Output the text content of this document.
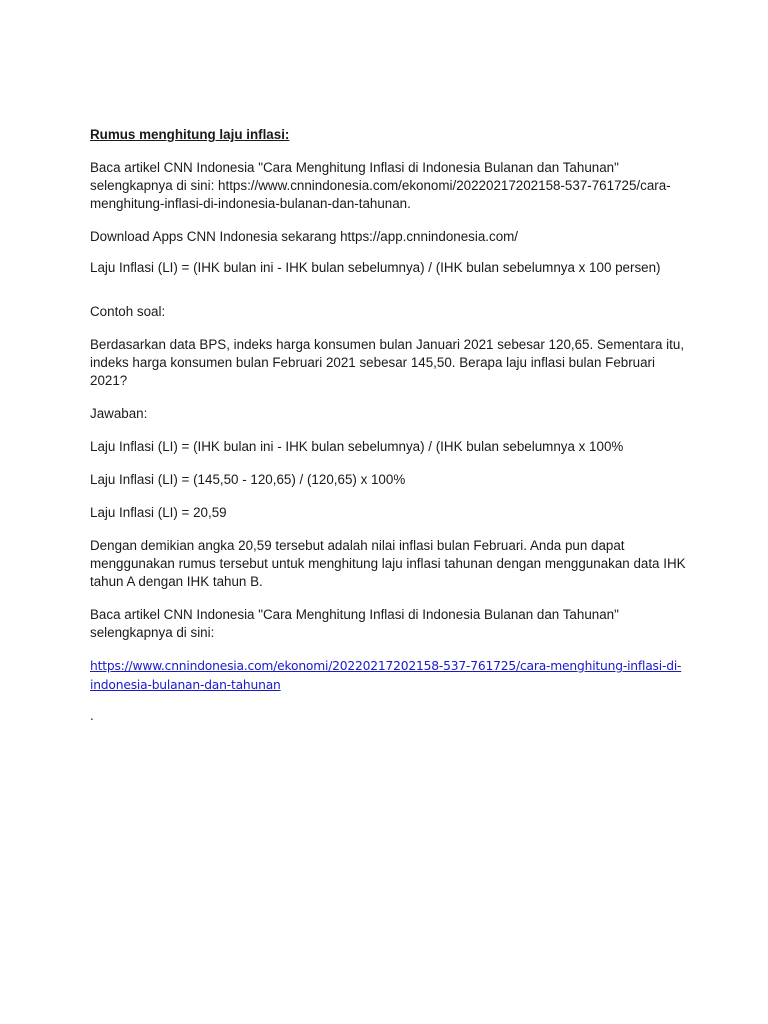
Rumus menghitung laju inflasi:
Baca artikel CNN Indonesia "Cara Menghitung Inflasi di Indonesia Bulanan dan Tahunan" selengkapnya di sini: https://www.cnnindonesia.com/ekonomi/20220217202158-537-761725/cara-menghitung-inflasi-di-indonesia-bulanan-dan-tahunan.
Download Apps CNN Indonesia sekarang https://app.cnnindonesia.com/
Laju Inflasi (LI) = (IHK bulan ini - IHK bulan sebelumnya) / (IHK bulan sebelumnya x 100 persen)
Contoh soal:
Berdasarkan data BPS, indeks harga konsumen bulan Januari 2021 sebesar 120,65. Sementara itu, indeks harga konsumen bulan Februari 2021 sebesar 145,50. Berapa laju inflasi bulan Februari 2021?
Jawaban:
Laju Inflasi (LI) = (IHK bulan ini - IHK bulan sebelumnya) / (IHK bulan sebelumnya x 100%
Laju Inflasi (LI) = (145,50 - 120,65) / (120,65) x 100%
Laju Inflasi (LI) = 20,59
Dengan demikian angka 20,59 tersebut adalah nilai inflasi bulan Februari. Anda pun dapat menggunakan rumus tersebut untuk menghitung laju inflasi tahunan dengan menggunakan data IHK tahun A dengan IHK tahun B.
Baca artikel CNN Indonesia "Cara Menghitung Inflasi di Indonesia Bulanan dan Tahunan" selengkapnya di sini:
https://www.cnnindonesia.com/ekonomi/20220217202158-537-761725/cara-menghitung-inflasi-di-
indonesia-bulanan-dan-tahunan
.
